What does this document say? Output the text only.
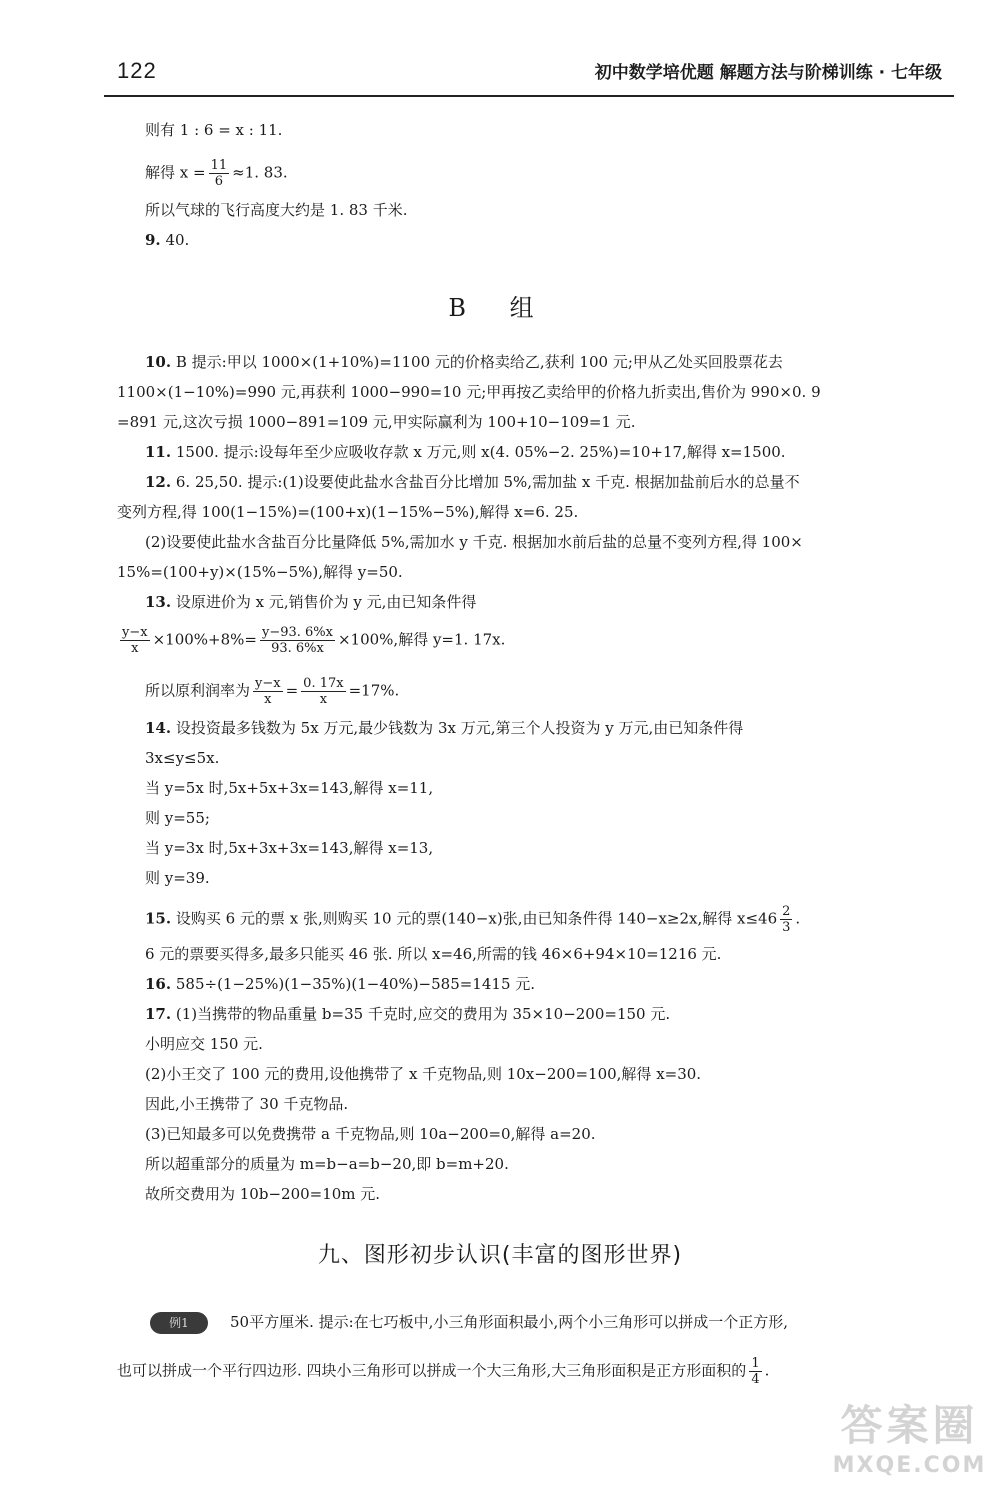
122	初中数学培优题 解题方法与阶梯训练 · 七年级
则有 1 : 6 = x : 11.
解得 $x = \frac{11}{6} \approx 1$. 83.
所以气球的飞行高度大约是 1. 83 千米.
9. 40.
B 组
10. B 提示:甲以 1000×(1+10%)=1100 元的价格卖给乙,获利 100 元;甲从乙处买回股票花去
1100×(1−10%)=990 元,再获利 1000−990=10 元;甲再按乙卖给甲的价格九折卖出,售价为 990×0. 9
=891 元,这次亏损 1000−891=109 元,甲实际赢利为 100+10−109=1 元.
11. 1500. 提示:设每年至少应吸收存款 x 万元,则 x(4. 05%−2. 25%)=10+17,解得 x=1500.
12. 6. 25,50. 提示:(1)设要使此盐水含盐百分比增加 5%,需加盐 x 千克. 根据加盐前后水的总量不
变列方程,得 100(1−15%)=(100+x)(1−15%−5%),解得 x=6. 25.
(2)设要使此盐水含盐百分比量降低 5%,需加水 y 千克. 根据加水前后盐的总量不变列方程,得 100×
15%=(100+y)×(15%−5%),解得 y=50.
13. 设原进价为 x 元,销售价为 y 元,由已知条件得
$\frac{y-x}{x} \times 100\%+8\%= \frac{y-93. 6\%x}{93. 6\%x} \times 100\%$,解得 y=1. 17x.
所以原利润率为 $\frac{y-x}{x} = \frac{0. 17x}{x} =17\%$.
14. 设投资最多钱数为 5x 万元,最少钱数为 3x 万元,第三个人投资为 y 万元,由已知条件得
3x≤y≤5x.
当 y=5x 时,5x+5x+3x=143,解得 x=11,
则 y=55;
当 y=3x 时,5x+3x+3x=143,解得 x=13,
则 y=39.
15. 设购买 6 元的票 x 张,则购买 10 元的票(140−x)张,由已知条件得 140−x≥2x,解得 $x\le 46 \frac{2}{3}$ .
6 元的票要买得多,最多只能买 46 张. 所以 x=46,所需的钱 46×6+94×10=1216 元.
16. 585÷(1−25%)(1−35%)(1−40%)−585=1415 元.
17. (1)当携带的物品重量 b=35 千克时,应交的费用为 35×10−200=150 元.
小明应交 150 元.
(2)小王交了 100 元的费用,设他携带了 x 千克物品,则 10x−200=100,解得 x=30.
因此,小王携带了 30 千克物品.
(3)已知最多可以免费携带 a 千克物品,则 10a−200=0,解得 a=20.
所以超重部分的质量为 m=b−a=b−20,即 b=m+20.
故所交费用为 10b−200=10m 元.
九、图形初步认识(丰富的图形世界)
例1	50平方厘米. 提示:在七巧板中,小三角形面积最小,两个小三角形可以拼成一个正方形,
也可以拼成一个平行四边形. 四块小三角形可以拼成一个大三角形,大三角形面积是正方形面积的 $\frac{1}{4}$ .
答案圈
MXQE.COM
